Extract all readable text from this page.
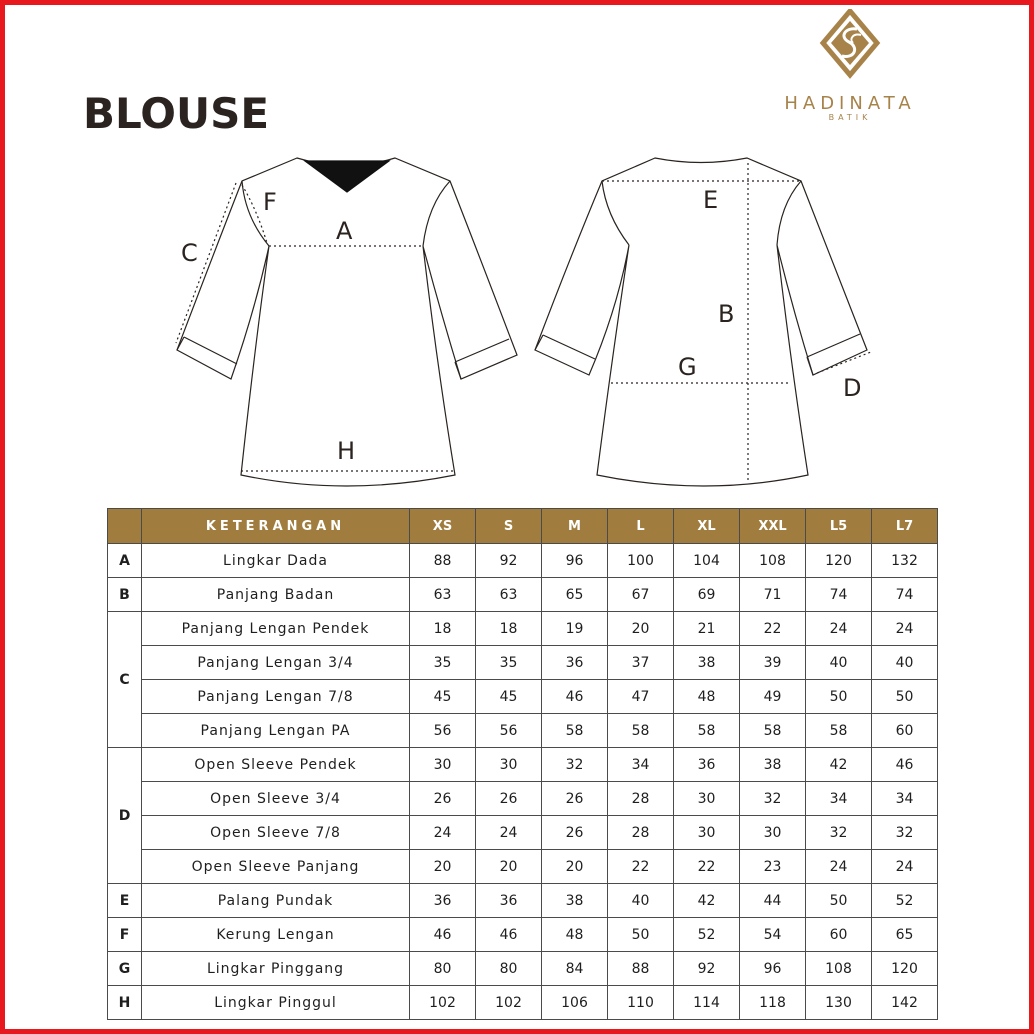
BLOUSE	HADINATA
BATIK
F
C
A
H
E
B
G
D
	KETERANGAN	XS	S	M	L	XL	XXL	L5	L7
A	Lingkar Dada	88	92	96	100	104	108	120	132
B	Panjang Badan	63	63	65	67	69	71	74	74
C	Panjang Lengan Pendek	18	18	19	20	21	22	24	24
	Panjang Lengan 3/4	35	35	36	37	38	39	40	40
	Panjang Lengan 7/8	45	45	46	47	48	49	50	50
	Panjang Lengan PA	56	56	58	58	58	58	58	60
D	Open Sleeve Pendek	30	30	32	34	36	38	42	46
	Open Sleeve 3/4	26	26	26	28	30	32	34	34
	Open Sleeve 7/8	24	24	26	28	30	30	32	32
	Open Sleeve Panjang	20	20	20	22	22	23	24	24
E	Palang Pundak	36	36	38	40	42	44	50	52
F	Kerung Lengan	46	46	48	50	52	54	60	65
G	Lingkar Pinggang	80	80	84	88	92	96	108	120
H	Lingkar Pinggul	102	102	106	110	114	118	130	142
